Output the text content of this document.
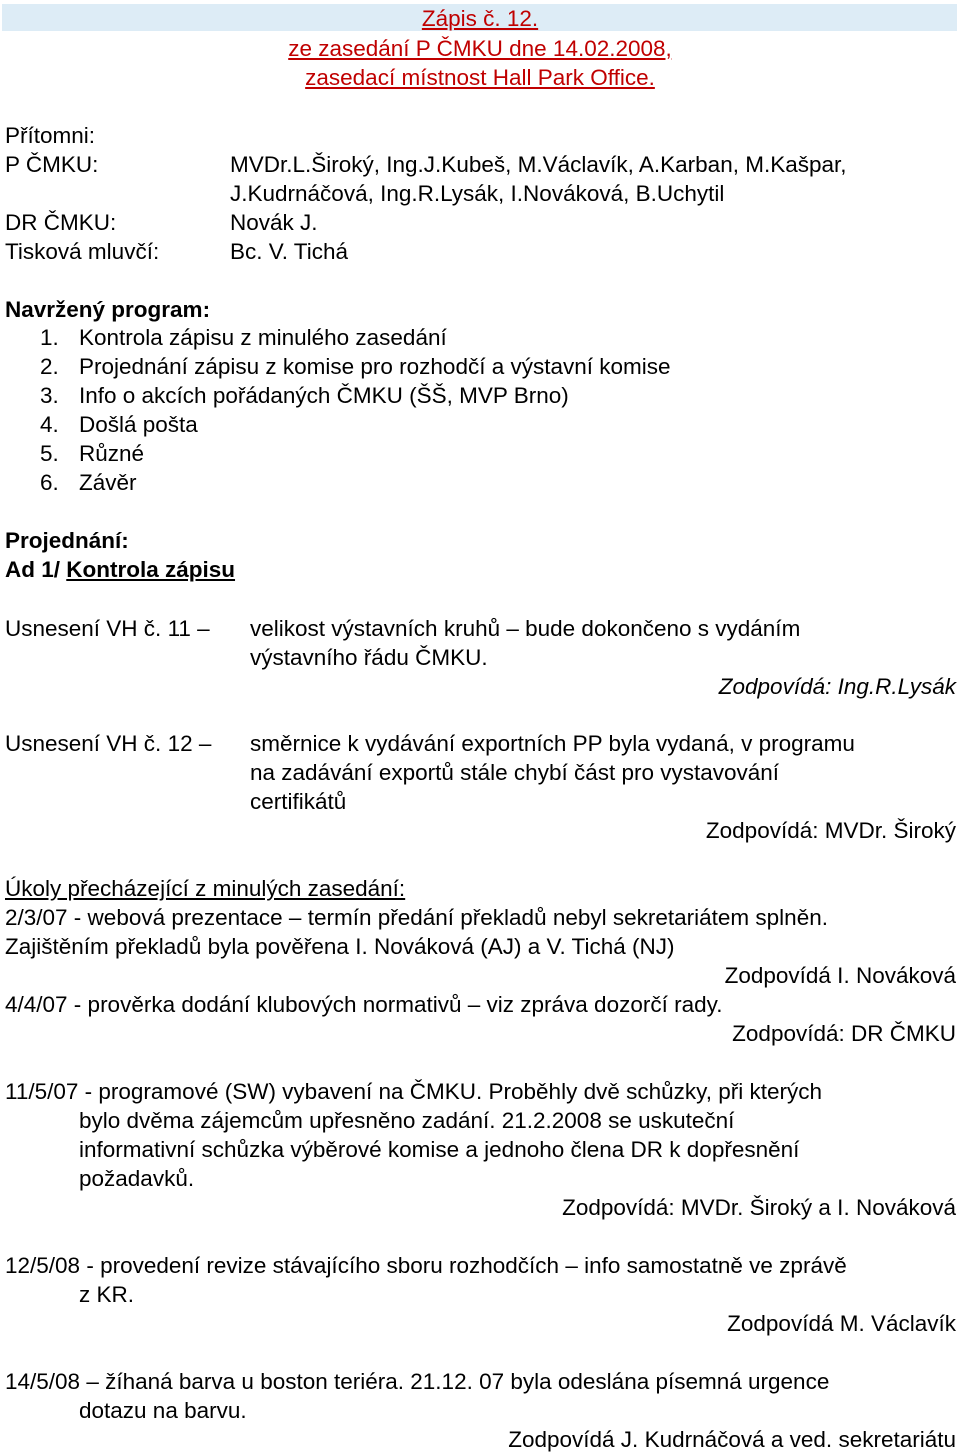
Zápis č. 12.
ze zasedání P ČMKU dne 14.02.2008,
zasedací místnost Hall Park Office.
Přítomni:
P ČMKU:	MVDr.L.Široký, Ing.J.Kubeš, M.Václavík, A.Karban, M.Kašpar,
J.Kudrnáčová, Ing.R.Lysák, I.Nováková, B.Uchytil
DR ČMKU:	Novák J.
Tisková mluvčí:	Bc. V. Tichá
Navržený program:
1. Kontrola zápisu z minulého zasedání
2. Projednání zápisu z komise pro rozhodčí a výstavní komise
3. Info o akcích pořádaných ČMKU (ŠŠ, MVP Brno)
4. Došlá pošta
5. Různé
6. Závěr
Projednání:
Ad 1/ Kontrola zápisu
Usnesení VH č. 11 – velikost výstavních kruhů – bude dokončeno s vydáním
výstavního řádu ČMKU.
Zodpovídá: Ing.R.Lysák
Usnesení VH č. 12 – směrnice k vydávání exportních PP byla vydaná, v programu
na zadávání exportů stále chybí část pro vystavování
certifikátů
Zodpovídá: MVDr. Široký
Úkoly přecházející z minulých zasedání:
2/3/07 - webová prezentace – termín předání překladů nebyl sekretariátem splněn.
Zajištěním překladů byla pověřena I. Nováková (AJ) a V. Tichá (NJ)
Zodpovídá I. Nováková
4/4/07 - prověrka dodání klubových normativů – viz zpráva dozorčí rady.
Zodpovídá: DR ČMKU
11/5/07 - programové (SW) vybavení na ČMKU. Proběhly dvě schůzky, při kterých
bylo dvěma zájemcům upřesněno zadání. 21.2.2008 se uskuteční
informativní schůzka výběrové komise a jednoho člena DR k dopřesnění
požadavků.
Zodpovídá: MVDr. Široký a I. Nováková
12/5/08 - provedení revize stávajícího sboru rozhodčích – info samostatně ve zprávě
z KR.
Zodpovídá M. Václavík
14/5/08 – žíhaná barva u boston teriéra. 21.12. 07 byla odeslána písemná urgence
dotazu na barvu.
Zodpovídá J. Kudrnáčová a ved. sekretariátu
